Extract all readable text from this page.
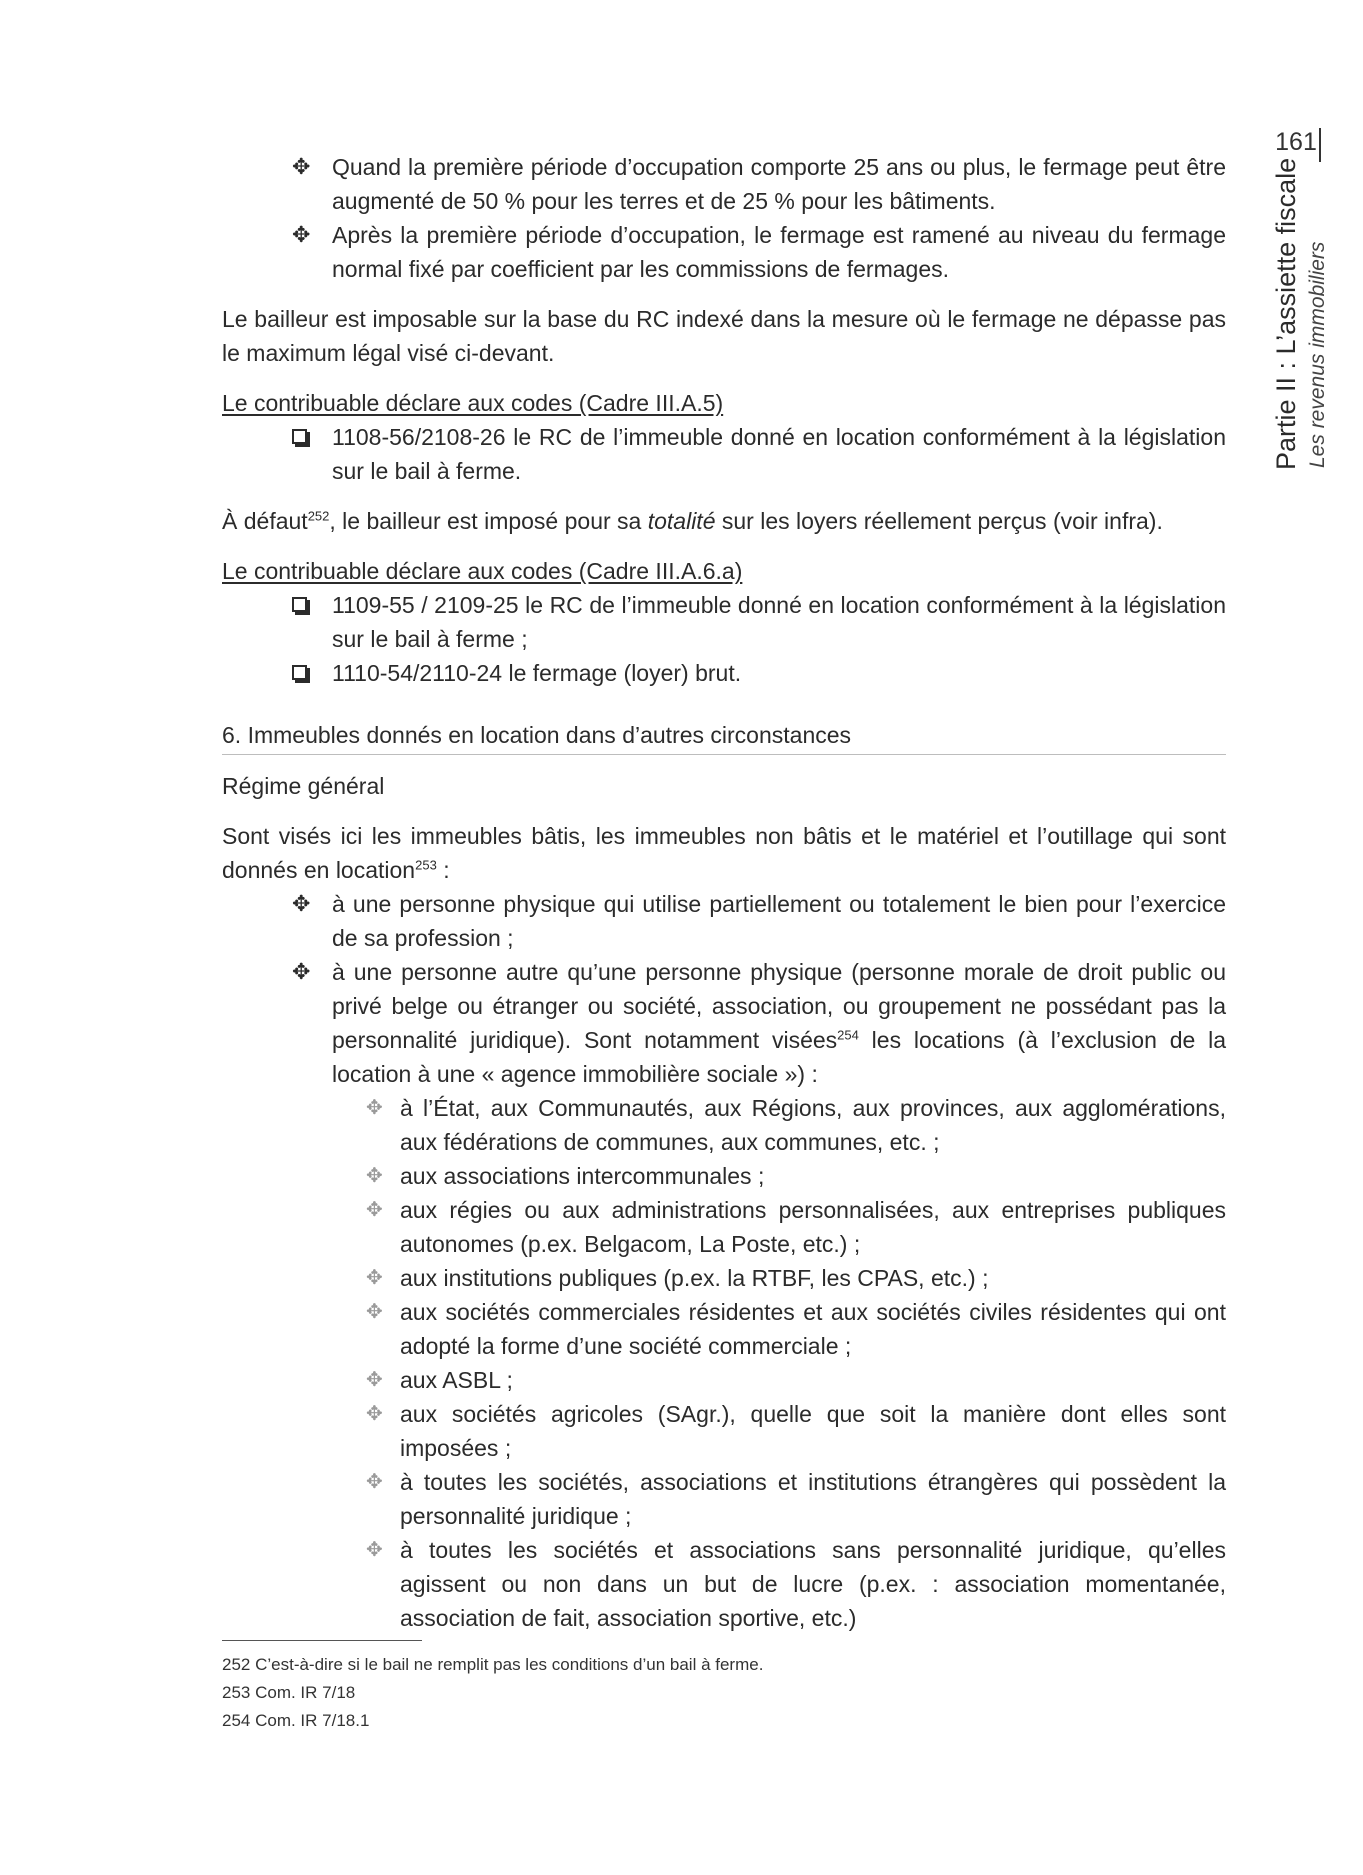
161
Partie II : L’assiette fiscale Les revenus immobiliers
✥ Quand la première période d’occupation comporte 25 ans ou plus, le fermage peut être augmenté de 50 % pour les terres et de 25 % pour les bâtiments.
✥ Après la première période d’occupation, le fermage est ramené au niveau du fermage normal fixé par coefficient par les commissions de fermages.

Le bailleur est imposable sur la base du RC indexé dans la mesure où le fermage ne dépasse pas le maximum légal visé ci-devant.

Le contribuable déclare aux codes (Cadre III.A.5)

1108-56/2108-26 le RC de l’immeuble donné en location conformément à la législation sur le bail à ferme.

À défaut$^{252}$, le bailleur est imposé pour sa totalité sur les loyers réellement perçus (voir infra).

Le contribuable déclare aux codes (Cadre III.A.6.a)

1109-55 / 2109-25 le RC de l’immeuble donné en location conformément à la législation sur le bail à ferme ;
1110-54/2110-24 le fermage (loyer) brut.
6. Immeubles donnés en location dans d’autres circonstances
Régime général

Sont visés ici les immeubles bâtis, les immeubles non bâtis et le matériel et l’outillage qui sont donnés en location$^{253}$ :

✥ à une personne physique qui utilise partiellement ou totalement le bien pour l’exercice de sa profession ;
✥ à une personne autre qu’une personne physique (personne morale de droit public ou privé belge ou étranger ou société, association, ou groupement ne possédant pas la personnalité juridique). Sont notamment visées$^{254}$ les locations (à l’exclusion de la location à une « agence immobilière sociale ») :
✥ à l’État, aux Communautés, aux Régions, aux provinces, aux agglomérations, aux fédérations de communes, aux communes, etc. ;
✥ aux associations intercommunales ;
✥ aux régies ou aux administrations personnalisées, aux entreprises publiques autonomes (p.ex. Belgacom, La Poste, etc.) ;
✥ aux institutions publiques (p.ex. la RTBF, les CPAS, etc.) ;
✥ aux sociétés commerciales résidentes et aux sociétés civiles résidentes qui ont adopté la forme d’une société commerciale ;
✥ aux ASBL ;
✥ aux sociétés agricoles (SAgr.), quelle que soit la manière dont elles sont imposées ;
✥ à toutes les sociétés, associations et institutions étrangères qui possèdent la personnalité juridique ;
✥ à toutes les sociétés et associations sans personnalité juridique, qu’elles agissent ou non dans un but de lucre (p.ex. : association momentanée, association de fait, association sportive, etc.)
252 C’est-à-dire si le bail ne remplit pas les conditions d’un bail à ferme.
253 Com. IR 7/18
254 Com. IR 7/18.1
